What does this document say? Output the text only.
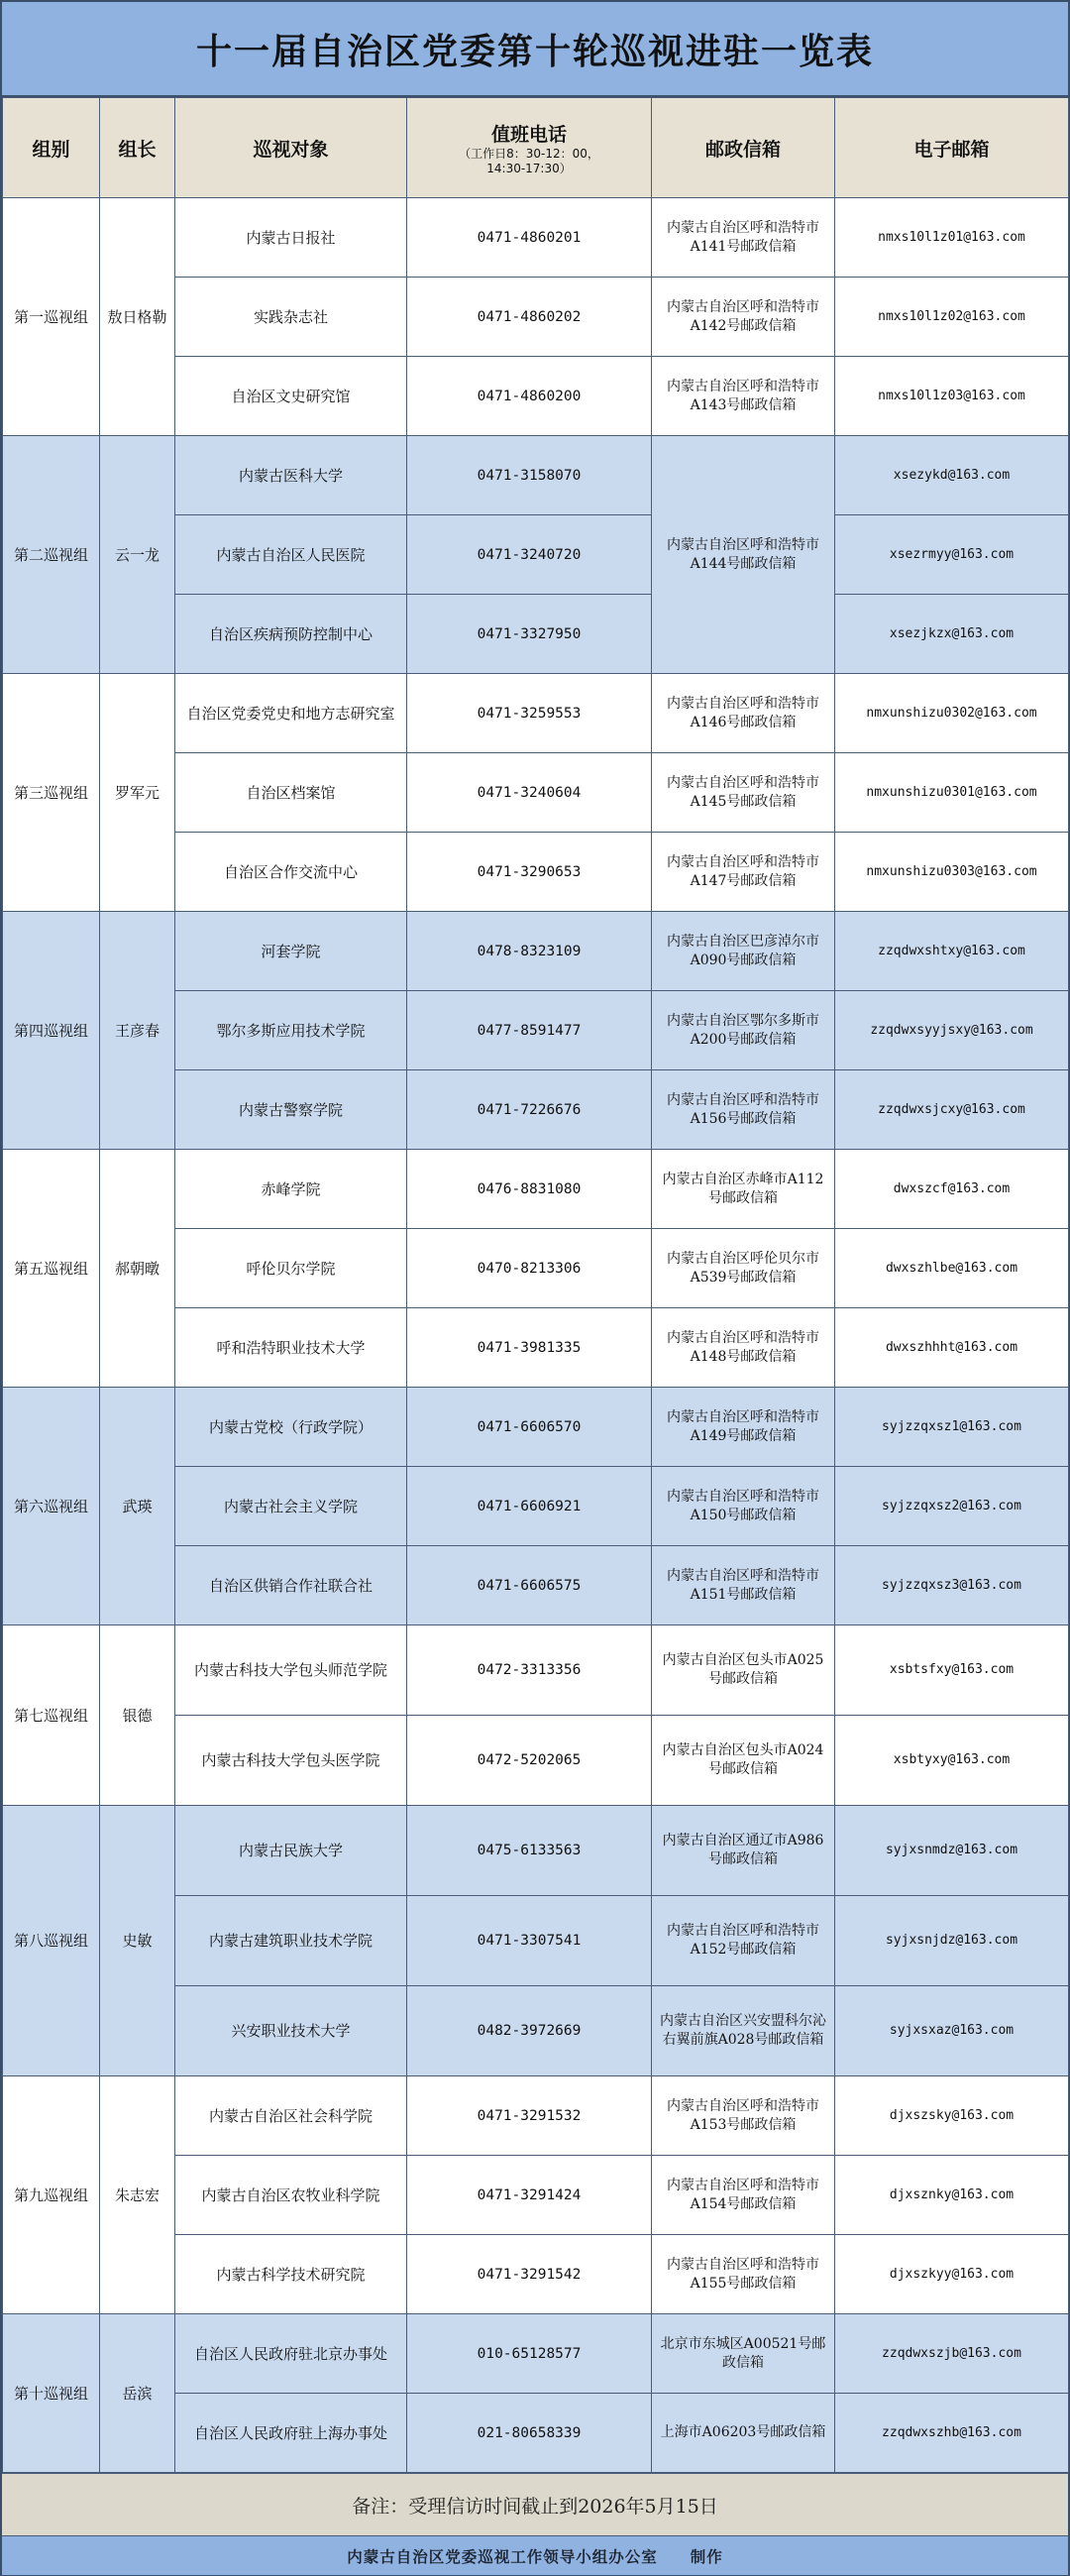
十一届自治区党委第十轮巡视进驻一览表
组别	组长	巡视对象	值班电话
（工作日8：30-12：00，
14:30-17:30）	邮政信箱	电子邮箱
第一巡视组	敖日格勒	内蒙古日报社	0471-4860201	内蒙古自治区呼和浩特市A141号邮政信箱	nmxs10l1z01@163.com
		实践杂志社	0471-4860202	内蒙古自治区呼和浩特市A142号邮政信箱	nmxs10l1z02@163.com
		自治区文史研究馆	0471-4860200	内蒙古自治区呼和浩特市A143号邮政信箱	nmxs10l1z03@163.com
第二巡视组	云一龙	内蒙古医科大学	0471-3158070	内蒙古自治区呼和浩特市A144号邮政信箱	xsezykd@163.com
		内蒙古自治区人民医院	0471-3240720		xsezrmyy@163.com
		自治区疾病预防控制中心	0471-3327950		xsezjkzx@163.com
第三巡视组	罗军元	自治区党委党史和地方志研究室	0471-3259553	内蒙古自治区呼和浩特市A146号邮政信箱	nmxunshizu0302@163.com
		自治区档案馆	0471-3240604	内蒙古自治区呼和浩特市A145号邮政信箱	nmxunshizu0301@163.com
		自治区合作交流中心	0471-3290653	内蒙古自治区呼和浩特市A147号邮政信箱	nmxunshizu0303@163.com
第四巡视组	王彦春	河套学院	0478-8323109	内蒙古自治区巴彦淖尔市A090号邮政信箱	zzqdwxshtxy@163.com
		鄂尔多斯应用技术学院	0477-8591477	内蒙古自治区鄂尔多斯市A200号邮政信箱	zzqdwxsyyjsxy@163.com
		内蒙古警察学院	0471-7226676	内蒙古自治区呼和浩特市A156号邮政信箱	zzqdwxsjcxy@163.com
第五巡视组	郝朝暾	赤峰学院	0476-8831080	内蒙古自治区赤峰市A112号邮政信箱	dwxszcf@163.com
		呼伦贝尔学院	0470-8213306	内蒙古自治区呼伦贝尔市A539号邮政信箱	dwxszhlbe@163.com
		呼和浩特职业技术大学	0471-3981335	内蒙古自治区呼和浩特市A148号邮政信箱	dwxszhhht@163.com
第六巡视组	武瑛	内蒙古党校（行政学院）	0471-6606570	内蒙古自治区呼和浩特市A149号邮政信箱	syjzzqxsz1@163.com
		内蒙古社会主义学院	0471-6606921	内蒙古自治区呼和浩特市A150号邮政信箱	syjzzqxsz2@163.com
		自治区供销合作社联合社	0471-6606575	内蒙古自治区呼和浩特市A151号邮政信箱	syjzzqxsz3@163.com
第七巡视组	银德	内蒙古科技大学包头师范学院	0472-3313356	内蒙古自治区包头市A025号邮政信箱	xsbtsfxy@163.com
		内蒙古科技大学包头医学院	0472-5202065	内蒙古自治区包头市A024号邮政信箱	xsbtyxy@163.com
第八巡视组	史敏	内蒙古民族大学	0475-6133563	内蒙古自治区通辽市A986号邮政信箱	syjxsnmdz@163.com
		内蒙古建筑职业技术学院	0471-3307541	内蒙古自治区呼和浩特市A152号邮政信箱	syjxsnjdz@163.com
		兴安职业技术大学	0482-3972669	内蒙古自治区兴安盟科尔沁右翼前旗A028号邮政信箱	syjxsxaz@163.com
第九巡视组	朱志宏	内蒙古自治区社会科学院	0471-3291532	内蒙古自治区呼和浩特市A153号邮政信箱	djxszsky@163.com
		内蒙古自治区农牧业科学院	0471-3291424	内蒙古自治区呼和浩特市A154号邮政信箱	djxsznky@163.com
		内蒙古科学技术研究院	0471-3291542	内蒙古自治区呼和浩特市A155号邮政信箱	djxszkyy@163.com
第十巡视组	岳滨	自治区人民政府驻北京办事处	010-65128577	北京市东城区A00521号邮政信箱	zzqdwxszjb@163.com
		自治区人民政府驻上海办事处	021-80658339	上海市A06203号邮政信箱	zzqdwxszhb@163.com
备注：受理信访时间截止到2026年5月15日
内蒙古自治区党委巡视工作领导小组办公室　　制作
